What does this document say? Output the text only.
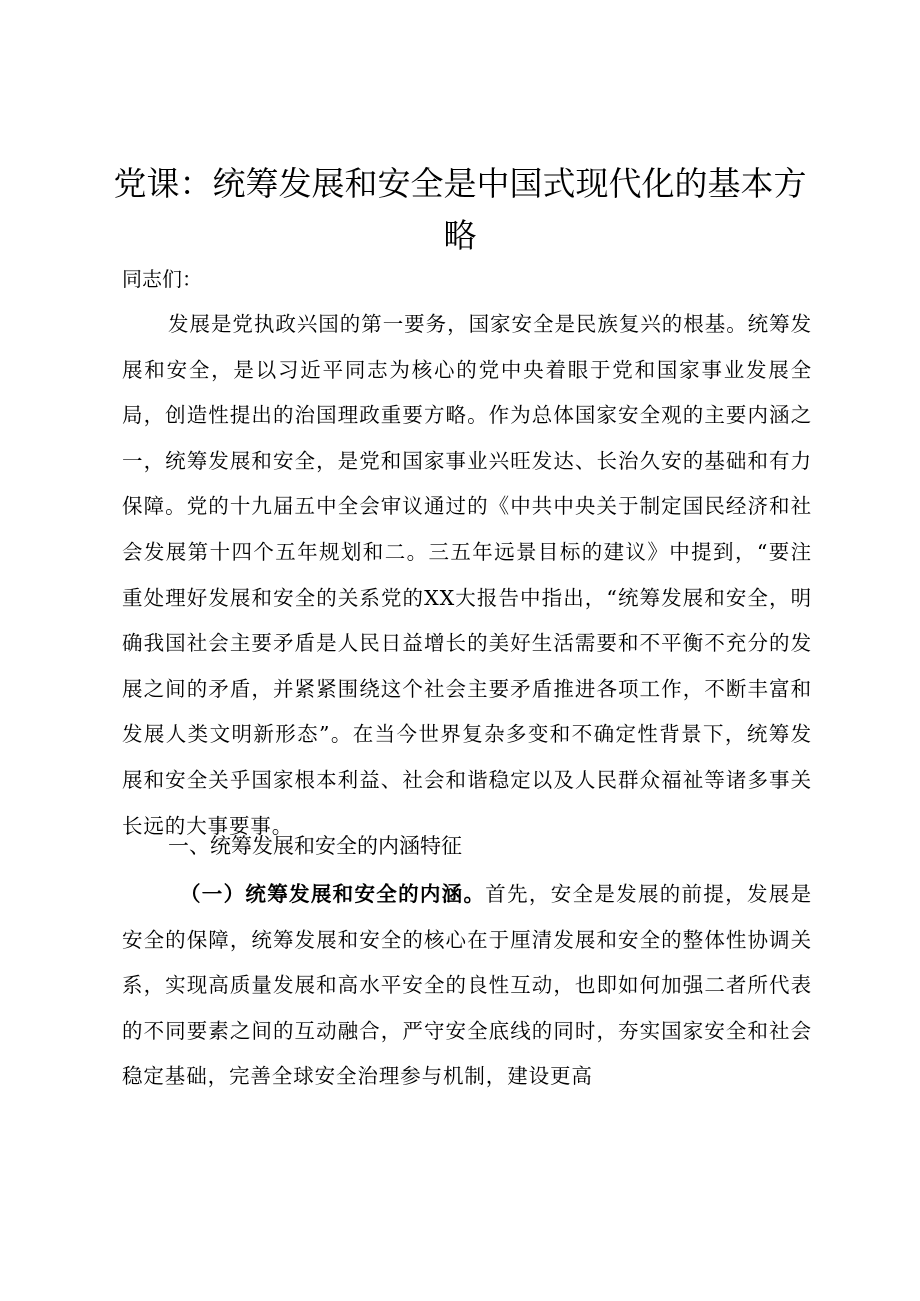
党课：统筹发展和安全是中国式现代化的基本方略

同志们：

发展是党执政兴国的第一要务，国家安全是民族复兴的根基。统筹发展和安全，是以习近平同志为核心的党中央着眼于党和国家事业发展全局，创造性提出的治国理政重要方略。作为总体国家安全观的主要内涵之一，统筹发展和安全，是党和国家事业兴旺发达、长治久安的基础和有力保障。党的十九届五中全会审议通过的《中共中央关于制定国民经济和社会发展第十四个五年规划和二。三五年远景目标的建议》中提到，“要注重处理好发展和安全的关系党的XX大报告中指出，“统筹发展和安全，明确我国社会主要矛盾是人民日益增长的美好生活需要和不平衡不充分的发展之间的矛盾，并紧紧围绕这个社会主要矛盾推进各项工作，不断丰富和发展人类文明新形态”。在当今世界复杂多变和不确定性背景下，统筹发展和安全关乎国家根本利益、社会和谐稳定以及人民群众福祉等诸多事关长远的大事要事。

一、统筹发展和安全的内涵特征

（一）统筹发展和安全的内涵。首先，安全是发展的前提，发展是安全的保障，统筹发展和安全的核心在于厘清发展和安全的整体性协调关系，实现高质量发展和高水平安全的良性互动，也即如何加强二者所代表的不同要素之间的互动融合，严守安全底线的同时，夯实国家安全和社会稳定基础，完善全球安全治理参与机制，建设更高
